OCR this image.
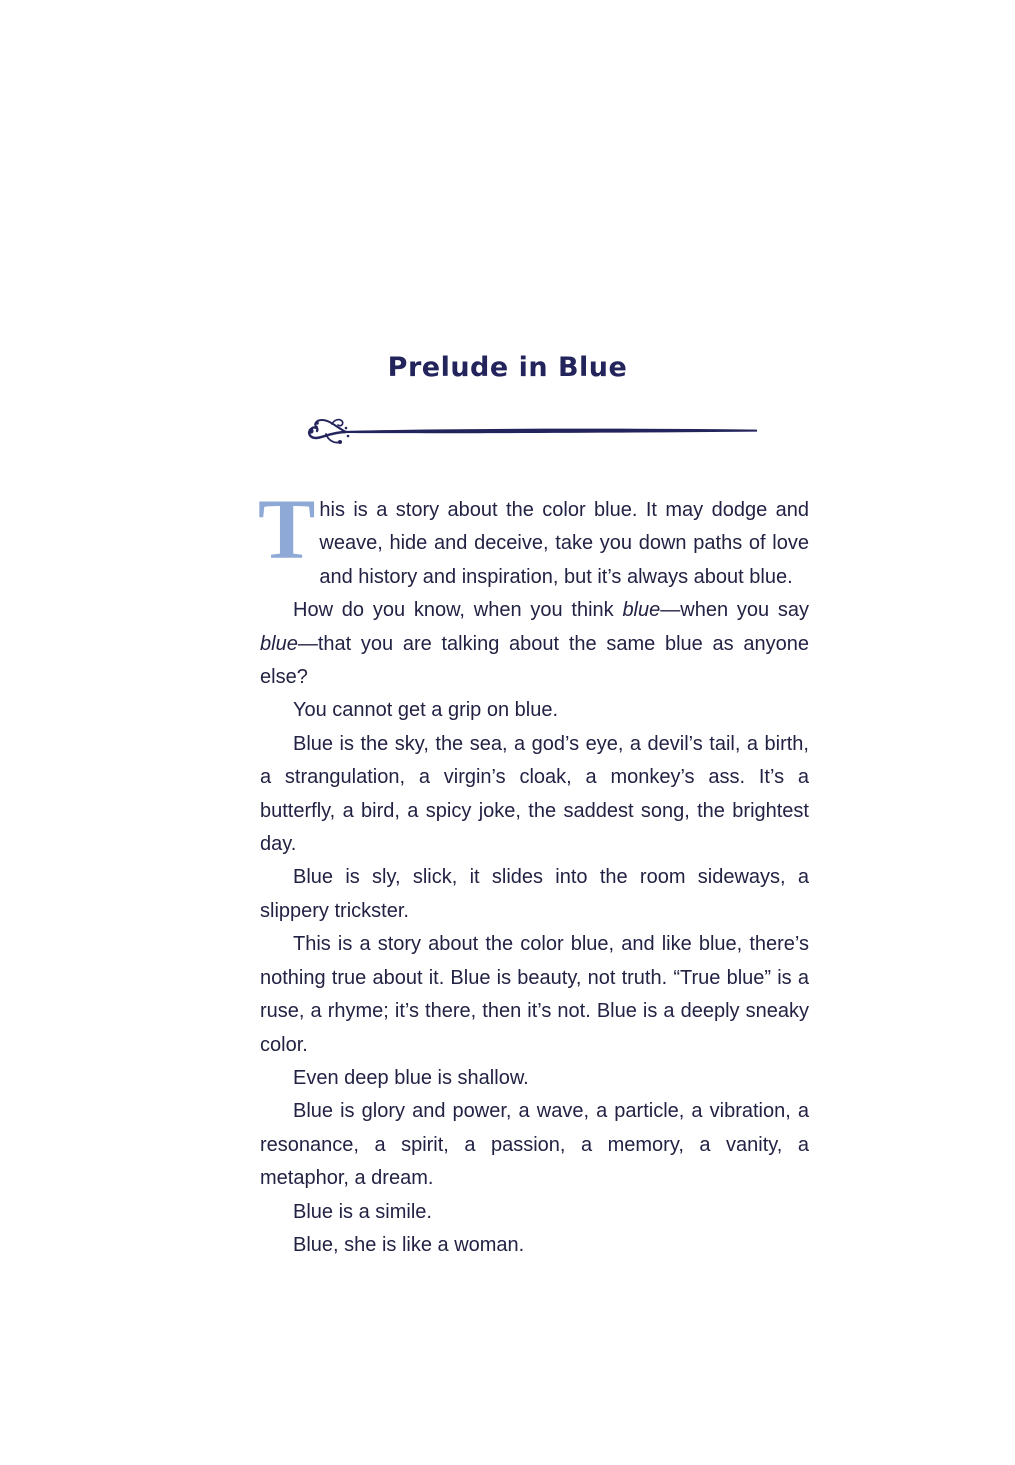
Prelude in Blue

This is a story about the color blue. It may dodge and weave, hide and deceive, take you down paths of love and history and inspiration, but it’s always about blue.

How do you know, when you think blue—when you say blue—that you are talking about the same blue as anyone else?

You cannot get a grip on blue.

Blue is the sky, the sea, a god’s eye, a devil’s tail, a birth, a strangulation, a virgin’s cloak, a monkey’s ass. It’s a butterfly, a bird, a spicy joke, the saddest song, the brightest day.

Blue is sly, slick, it slides into the room sideways, a slippery trickster.

This is a story about the color blue, and like blue, there’s nothing true about it. Blue is beauty, not truth. “True blue” is a ruse, a rhyme; it’s there, then it’s not. Blue is a deeply sneaky color.

Even deep blue is shallow.

Blue is glory and power, a wave, a particle, a vibration, a resonance, a spirit, a passion, a memory, a vanity, a metaphor, a dream.

Blue is a simile.

Blue, she is like a woman.
